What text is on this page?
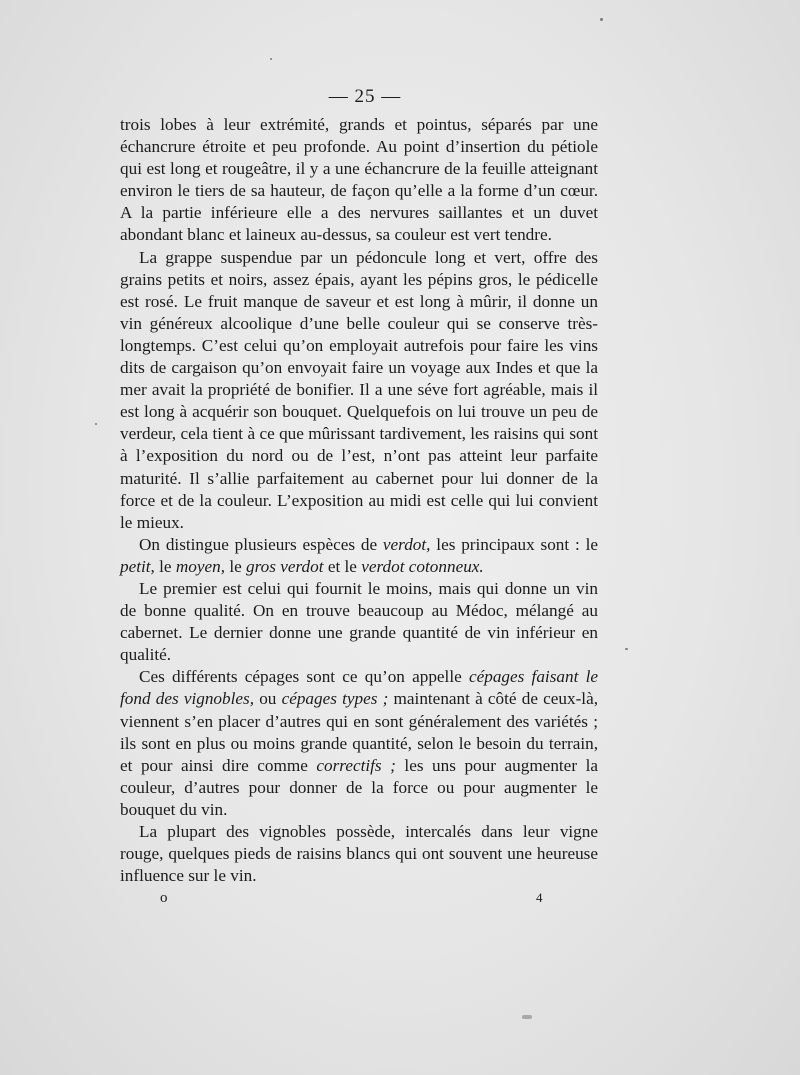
— 25 —

trois lobes à leur extrémité, grands et pointus, séparés par une échancrure étroite et peu profonde. Au point d’insertion du pétiole qui est long et rougeâtre, il y a une échancrure de la feuille atteignant environ le tiers de sa hauteur, de façon qu’elle a la forme d’un cœur. A la partie inférieure elle a des nervures saillantes et un duvet abondant blanc et laineux au-dessus, sa couleur est vert tendre.

La grappe suspendue par un pédoncule long et vert, offre des grains petits et noirs, assez épais, ayant les pépins gros, le pédicelle est rosé. Le fruit manque de saveur et est long à mûrir, il donne un vin généreux alcoolique d’une belle couleur qui se conserve très-longtemps. C’est celui qu’on employait autrefois pour faire les vins dits de cargaison qu’on envoyait faire un voyage aux Indes et que la mer avait la propriété de bonifier. Il a une séve fort agréable, mais il est long à acquérir son bouquet. Quelquefois on lui trouve un peu de verdeur, cela tient à ce que mûrissant tardivement, les raisins qui sont à l’exposition du nord ou de l’est, n’ont pas atteint leur parfaite maturité. Il s’allie parfaitement au cabernet pour lui donner de la force et de la couleur. L’exposition au midi est celle qui lui convient le mieux.

On distingue plusieurs espèces de verdot, les principaux sont : le petit, le moyen, le gros verdot et le verdot cotonneux.

Le premier est celui qui fournit le moins, mais qui donne un vin de bonne qualité. On en trouve beaucoup au Médoc, mélangé au cabernet. Le dernier donne une grande quantité de vin inférieur en qualité.

Ces différents cépages sont ce qu’on appelle cépages faisant le fond des vignobles, ou cépages types ; maintenant à côté de ceux-là, viennent s’en placer d’autres qui en sont généralement des variétés ; ils sont en plus ou moins grande quantité, selon le besoin du terrain, et pour ainsi dire comme correctifs ; les uns pour augmenter la couleur, d’autres pour donner de la force ou pour augmenter le bouquet du vin.

La plupart des vignobles possède, intercalés dans leur vigne rouge, quelques pieds de raisins blancs qui ont souvent une heureuse influence sur le vin.

o	4
